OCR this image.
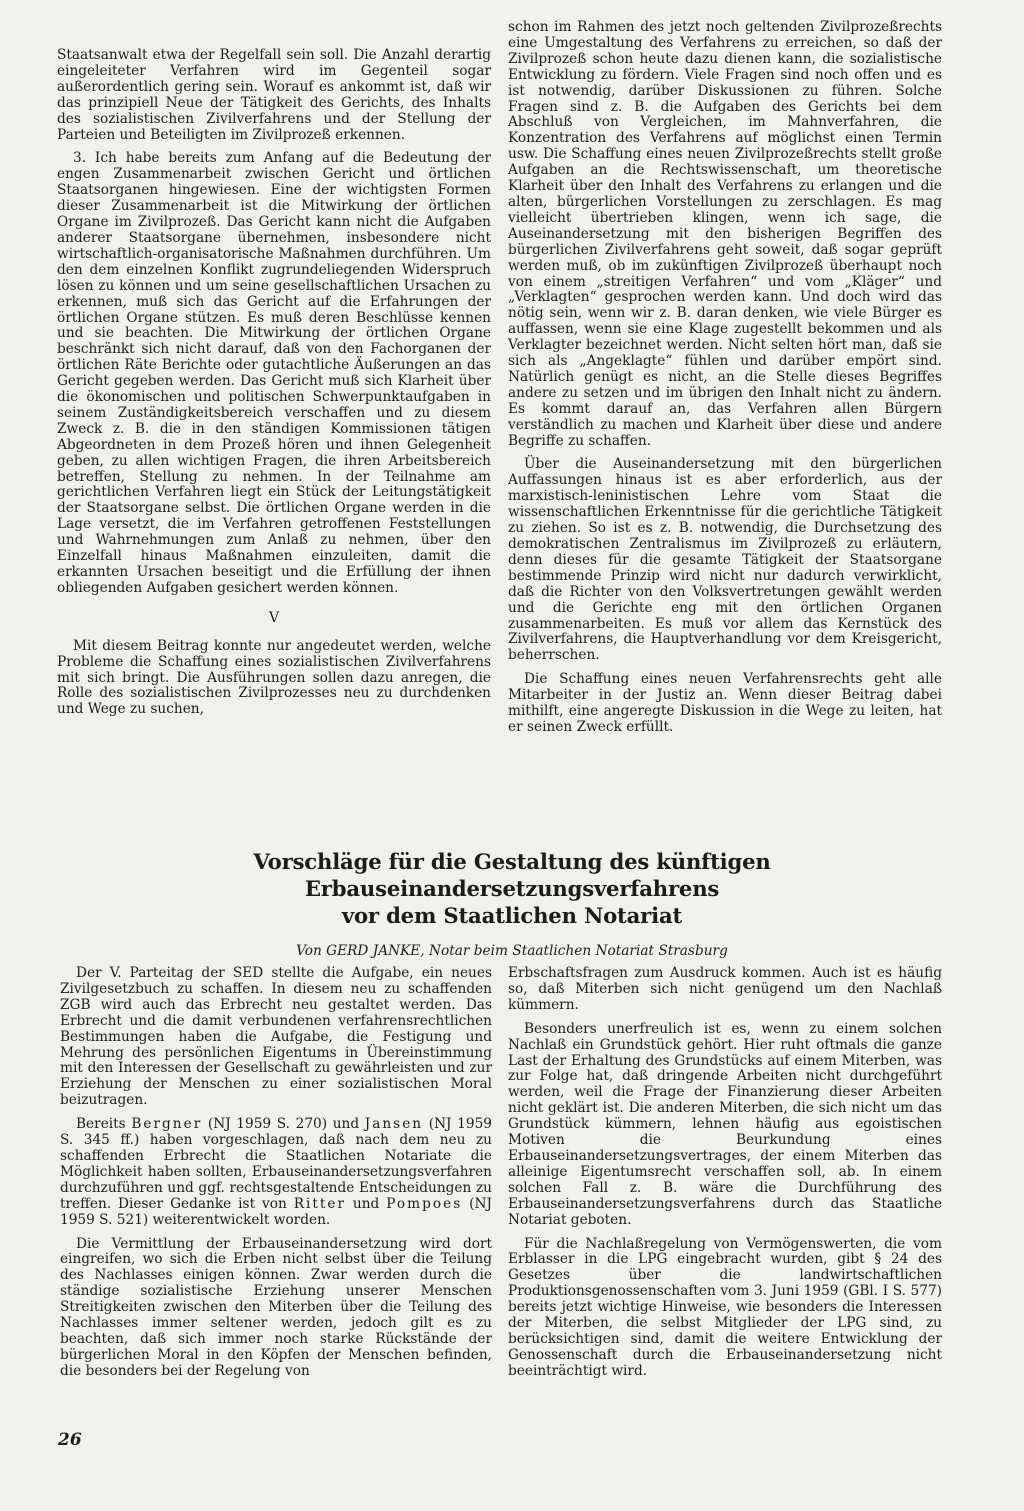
Staatsanwalt etwa der Regelfall sein soll. Die Anzahl derartig eingeleiteter Verfahren wird im Gegenteil sogar außerordentlich gering sein. Worauf es ankommt ist, daß wir das prinzipiell Neue der Tätigkeit des Gerichts, des Inhalts des sozialistischen Zivilverfahrens und der Stellung der Parteien und Beteiligten im Zivilprozeß erkennen.

3. Ich habe bereits zum Anfang auf die Bedeutung der engen Zusammenarbeit zwischen Gericht und örtlichen Staatsorganen hingewiesen. Eine der wichtigsten Formen dieser Zusammenarbeit ist die Mitwirkung der örtlichen Organe im Zivilprozeß. Das Gericht kann nicht die Aufgaben anderer Staatsorgane übernehmen, insbesondere nicht wirtschaftlich-organisatorische Maßnahmen durchführen. Um den dem einzelnen Konflikt zugrundeliegenden Widerspruch lösen zu können und um seine gesellschaftlichen Ursachen zu erkennen, muß sich das Gericht auf die Erfahrungen der örtlichen Organe stützen. Es muß deren Beschlüsse kennen und sie beachten. Die Mitwirkung der örtlichen Organe beschränkt sich nicht darauf, daß von den Fachorganen der örtlichen Räte Berichte oder gutachtliche Äußerungen an das Gericht gegeben werden. Das Gericht muß sich Klarheit über die ökonomischen und politischen Schwerpunktaufgaben in seinem Zuständigkeitsbereich verschaffen und zu diesem Zweck z. B. die in den ständigen Kommissionen tätigen Abgeordneten in dem Prozeß hören und ihnen Gelegenheit geben, zu allen wichtigen Fragen, die ihren Arbeitsbereich betreffen, Stellung zu nehmen. In der Teilnahme am gerichtlichen Verfahren liegt ein Stück der Leitungstätigkeit der Staatsorgane selbst. Die örtlichen Organe werden in die Lage versetzt, die im Verfahren getroffenen Feststellungen und Wahrnehmungen zum Anlaß zu nehmen, über den Einzelfall hinaus Maßnahmen einzuleiten, damit die erkannten Ursachen beseitigt und die Erfüllung der ihnen obliegenden Aufgaben gesichert werden können.

V

Mit diesem Beitrag konnte nur angedeutet werden, welche Probleme die Schaffung eines sozialistischen Zivilverfahrens mit sich bringt. Die Ausführungen sollen dazu anregen, die Rolle des sozialistischen Zivilprozesses neu zu durchdenken und Wege zu suchen,

schon im Rahmen des jetzt noch geltenden Zivilprozeßrechts eine Umgestaltung des Verfahrens zu erreichen, so daß der Zivilprozeß schon heute dazu dienen kann, die sozialistische Entwicklung zu fördern. Viele Fragen sind noch offen und es ist notwendig, darüber Diskussionen zu führen. Solche Fragen sind z. B. die Aufgaben des Gerichts bei dem Abschluß von Vergleichen, im Mahnverfahren, die Konzentration des Verfahrens auf möglichst einen Termin usw. Die Schaffung eines neuen Zivilprozeßrechts stellt große Aufgaben an die Rechtswissenschaft, um theoretische Klarheit über den Inhalt des Verfahrens zu erlangen und die alten, bürgerlichen Vorstellungen zu zerschlagen. Es mag vielleicht übertrieben klingen, wenn ich sage, die Auseinandersetzung mit den bisherigen Begriffen des bürgerlichen Zivilverfahrens geht soweit, daß sogar geprüft werden muß, ob im zukünftigen Zivilprozeß überhaupt noch von einem „streitigen Verfahren“ und vom „Kläger“ und „Verklagten“ gesprochen werden kann. Und doch wird das nötig sein, wenn wir z. B. daran denken, wie viele Bürger es auffassen, wenn sie eine Klage zugestellt bekommen und als Verklagter bezeichnet werden. Nicht selten hört man, daß sie sich als „Angeklagte“ fühlen und darüber empört sind. Natürlich genügt es nicht, an die Stelle dieses Begriffes andere zu setzen und im übrigen den Inhalt nicht zu ändern. Es kommt darauf an, das Verfahren allen Bürgern verständlich zu machen und Klarheit über diese und andere Begriffe zu schaffen.

Über die Auseinandersetzung mit den bürgerlichen Auffassungen hinaus ist es aber erforderlich, aus der marxistisch-leninistischen Lehre vom Staat die wissenschaftlichen Erkenntnisse für die gerichtliche Tätigkeit zu ziehen. So ist es z. B. notwendig, die Durchsetzung des demokratischen Zentralismus im Zivilprozeß zu erläutern, denn dieses für die gesamte Tätigkeit der Staatsorgane bestimmende Prinzip wird nicht nur dadurch verwirklicht, daß die Richter von den Volksvertretungen gewählt werden und die Gerichte eng mit den örtlichen Organen zusammenarbeiten. Es muß vor allem das Kernstück des Zivilverfahrens, die Hauptverhandlung vor dem Kreisgericht, beherrschen.

Die Schaffung eines neuen Verfahrensrechts geht alle Mitarbeiter in der Justiz an. Wenn dieser Beitrag dabei mithilft, eine angeregte Diskussion in die Wege zu leiten, hat er seinen Zweck erfüllt.

Vorschläge für die Gestaltung des künftigen Erbauseinandersetzungsverfahrens
vor dem Staatlichen Notariat
Von GERD JANKE, Notar beim Staatlichen Notariat Strasburg

Der V. Parteitag der SED stellte die Aufgabe, ein neues Zivilgesetzbuch zu schaffen. In diesem neu zu schaffenden ZGB wird auch das Erbrecht neu gestaltet werden. Das Erbrecht und die damit verbundenen verfahrensrechtlichen Bestimmungen haben die Aufgabe, die Festigung und Mehrung des persönlichen Eigentums in Übereinstimmung mit den Interessen der Gesellschaft zu gewährleisten und zur Erziehung der Menschen zu einer sozialistischen Moral beizutragen.

Bereits Bergner (NJ 1959 S. 270) und Jansen (NJ 1959 S. 345 ff.) haben vorgeschlagen, daß nach dem neu zu schaffenden Erbrecht die Staatlichen Notariate die Möglichkeit haben sollten, Erbauseinandersetzungsverfahren durchzuführen und ggf. rechtsgestaltende Entscheidungen zu treffen. Dieser Gedanke ist von Ritter und Pompoes (NJ 1959 S. 521) weiterentwickelt worden.

Die Vermittlung der Erbauseinandersetzung wird dort eingreifen, wo sich die Erben nicht selbst über die Teilung des Nachlasses einigen können. Zwar werden durch die ständige sozialistische Erziehung unserer Menschen Streitigkeiten zwischen den Miterben über die Teilung des Nachlasses immer seltener werden, jedoch gilt es zu beachten, daß sich immer noch starke Rückstände der bürgerlichen Moral in den Köpfen der Menschen befinden, die besonders bei der Regelung von

Erbschaftsfragen zum Ausdruck kommen. Auch ist es häufig so, daß Miterben sich nicht genügend um den Nachlaß kümmern.

Besonders unerfreulich ist es, wenn zu einem solchen Nachlaß ein Grundstück gehört. Hier ruht oftmals die ganze Last der Erhaltung des Grundstücks auf einem Miterben, was zur Folge hat, daß dringende Arbeiten nicht durchgeführt werden, weil die Frage der Finanzierung dieser Arbeiten nicht geklärt ist. Die anderen Miterben, die sich nicht um das Grundstück kümmern, lehnen häufig aus egoistischen Motiven die Beurkundung eines Erbauseinandersetzungsvertrages, der einem Miterben das alleinige Eigentumsrecht verschaffen soll, ab. In einem solchen Fall z. B. wäre die Durchführung des Erbauseinandersetzungsverfahrens durch das Staatliche Notariat geboten.

Für die Nachlaßregelung von Vermögenswerten, die vom Erblasser in die LPG eingebracht wurden, gibt § 24 des Gesetzes über die landwirtschaftlichen Produktionsgenossenschaften vom 3. Juni 1959 (GBl. I S. 577) bereits jetzt wichtige Hinweise, wie besonders die Interessen der Miterben, die selbst Mitglieder der LPG sind, zu berücksichtigen sind, damit die weitere Entwicklung der Genossenschaft durch die Erbauseinandersetzung nicht beeinträchtigt wird.

26
